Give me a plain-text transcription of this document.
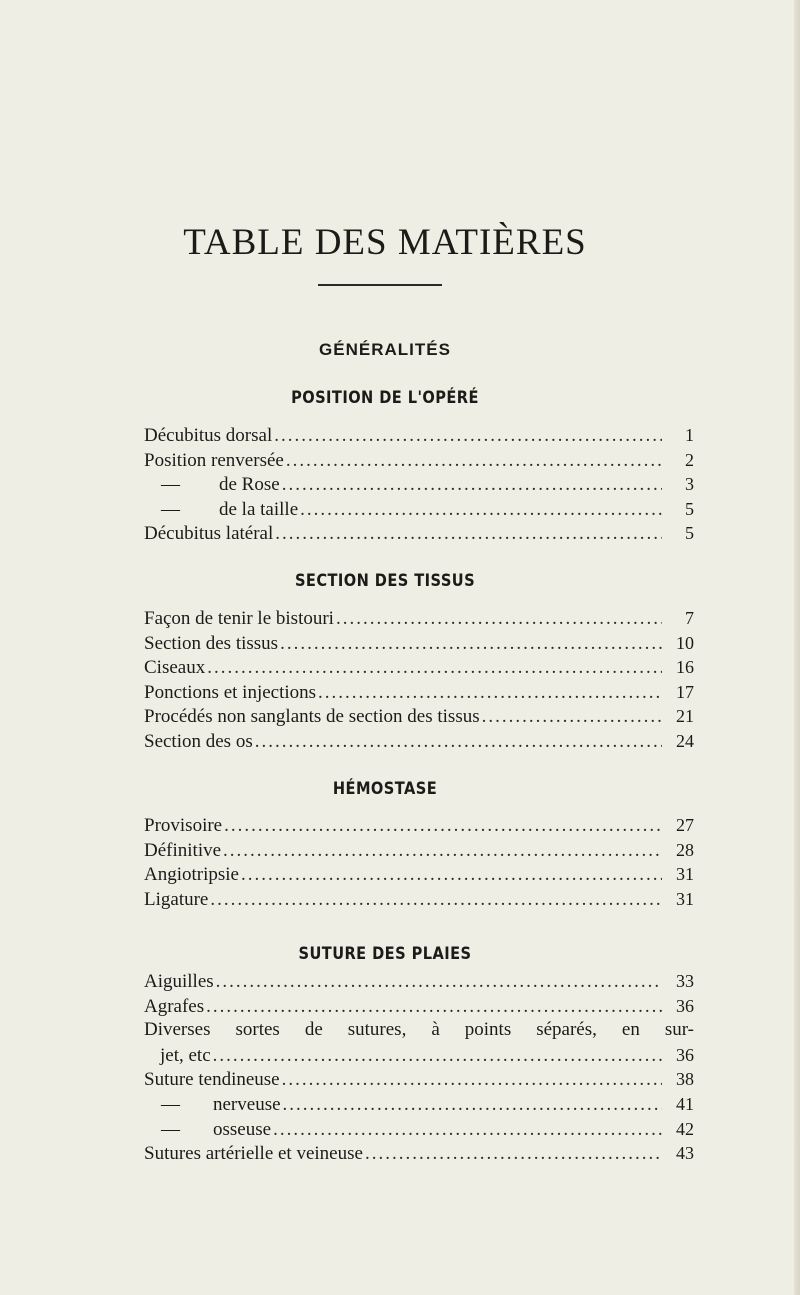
TABLE DES MATIÈRES
GÉNÉRALITÉS
POSITION DE L'OPÉRÉ
Décubitus dorsal .....	1
Position renversée .....	2
— de Rose .....	3
— de la taille .....	5
Décubitus latéral .....	5
SECTION DES TISSUS
Façon de tenir le bistouri .....	7
Section des tissus .....	10
Ciseaux .....	16
Ponctions et injections .....	17
Procédés non sanglants de section des tissus .....	21
Section des os .....	24
HÉMOSTASE
Provisoire .....	27
Définitive .....	28
Angiotripsie .....	31
Ligature .....	31
SUTURE DES PLAIES
Aiguilles .....	33
Agrafes .....	36
Diverses sortes de sutures, à points séparés, en sur-
jet, etc .....	36
Suture tendineuse .....	38
— nerveuse .....	41
— osseuse .....	42
Sutures artérielle et veineuse .....	43
